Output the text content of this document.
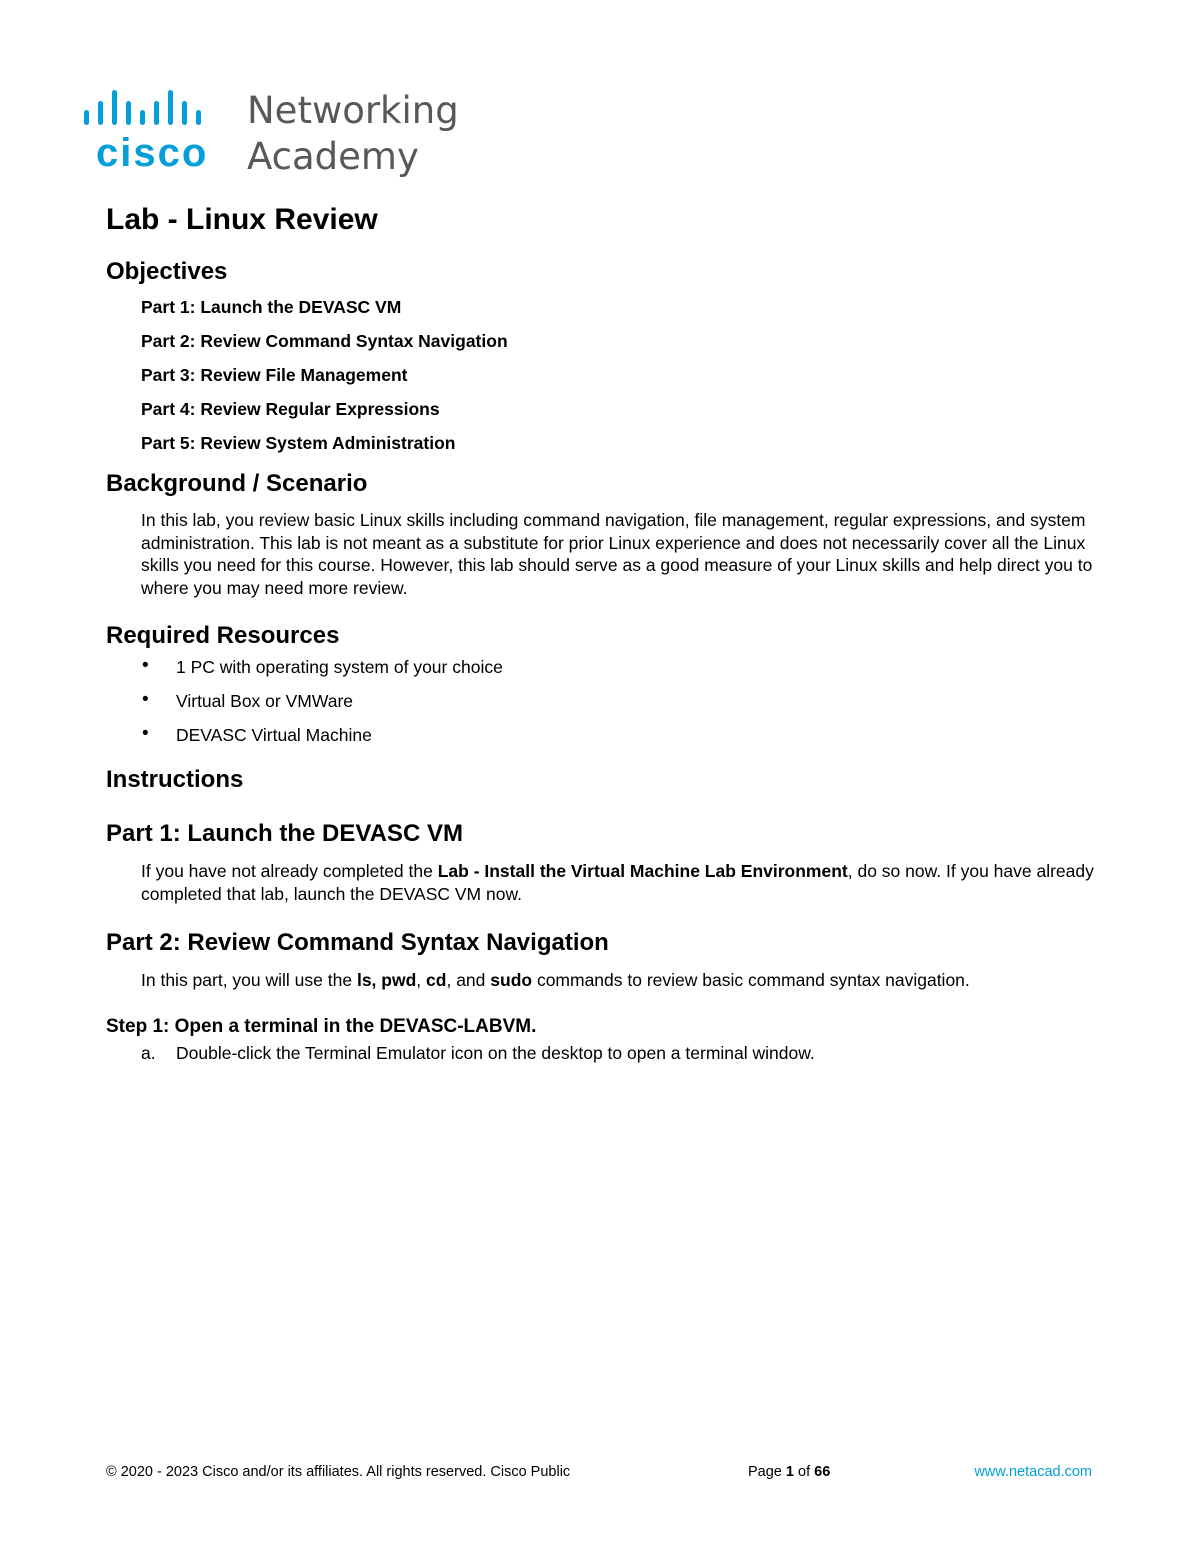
cisco
Networking
Academy
Lab - Linux Review
Objectives
Part 1: Launch the DEVASC VM
Part 2: Review Command Syntax Navigation
Part 3: Review File Management
Part 4: Review Regular Expressions
Part 5: Review System Administration
Background / Scenario

In this lab, you review basic Linux skills including command navigation, file management, regular expressions, and system administration. This lab is not meant as a substitute for prior Linux experience and does not necessarily cover all the Linux skills you need for this course. However, this lab should serve as a good measure of your Linux skills and help direct you to where you may need more review.

Required Resources
• 1 PC with operating system of your choice
• Virtual Box or VMWare
• DEVASC Virtual Machine
Instructions
Part 1: Launch the DEVASC VM

If you have not already completed the Lab - Install the Virtual Machine Lab Environment, do so now. If you have already completed that lab, launch the DEVASC VM now.

Part 2: Review Command Syntax Navigation

In this part, you will use the ls, pwd, cd, and sudo commands to review basic command syntax navigation.

Step 1: Open a terminal in the DEVASC-LABVM.
a.	Double-click the Terminal Emulator icon on the desktop to open a terminal window.
© 2020 - 2023 Cisco and/or its affiliates. All rights reserved. Cisco Public	Page 1 of 66	www.netacad.com
